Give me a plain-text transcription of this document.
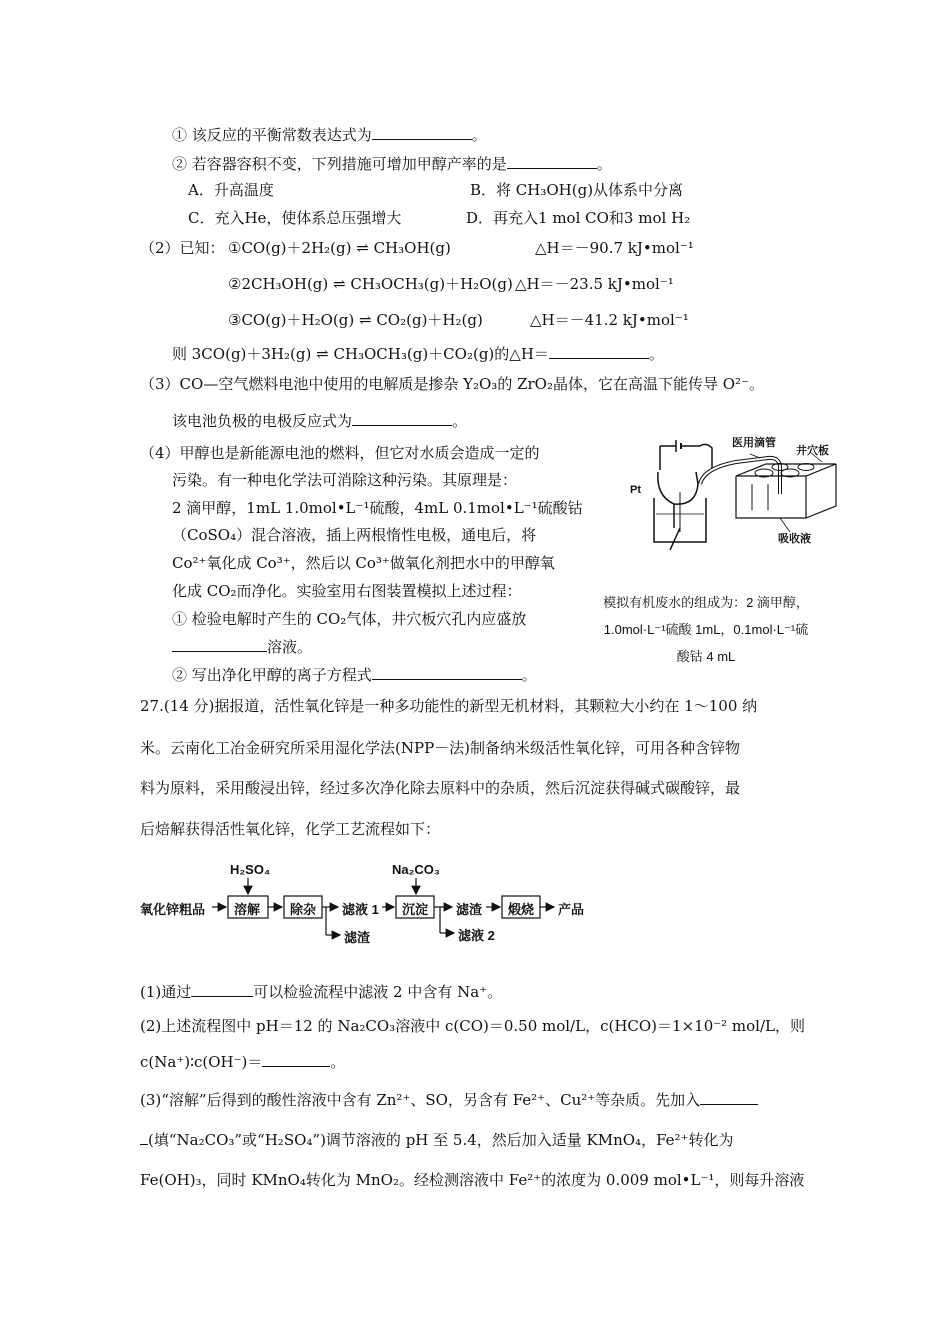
① 该反应的平衡常数表达式为	。
② 若容器容积不变，下列措施可增加甲醇产率的是	。
A．升高温度	B．将 CH₃OH(g)从体系中分离
C．充入He，使体系总压强增大	D．再充入1 mol CO和3 mol H₂
（2）已知： ①CO(g)＋2H₂(g) ⇌ CH₃OH(g)	△H＝－90.7 kJ•mol⁻¹
②2CH₃OH(g) ⇌ CH₃OCH₃(g)＋H₂O(g) △H＝－23.5 kJ•mol⁻¹
③CO(g)＋H₂O(g) ⇌ CO₂(g)＋H₂(g)	△H＝－41.2 kJ•mol⁻¹
则 3CO(g)＋3H₂(g) ⇌ CH₃OCH₃(g)＋CO₂(g)的△H＝	。
（3）CO—空气燃料电池中使用的电解质是掺杂 Y₂O₃的 ZrO₂晶体，它在高温下能传导 O²⁻。
该电池负极的电极反应式为	。
（4）甲醇也是新能源电池的燃料，但它对水质会造成一定的
污染。有一种电化学法可消除这种污染。其原理是：
2 滴甲醇，1mL 1.0mol•L⁻¹硫酸，4mL 0.1mol•L⁻¹硫酸钴
（CoSO₄）混合溶液，插上两根惰性电极，通电后，将
Co²⁺氧化成 Co³⁺，然后以 Co³⁺做氧化剂把水中的甲醇氧
化成 CO₂而净化。实验室用右图装置模拟上述过程：
① 检验电解时产生的 CO₂气体，井穴板穴孔内应盛放
溶液。
② 写出净化甲醇的离子方程式	。
医用滴管
井穴板
Pt
吸收液
模拟有机废水的组成为：2 滴甲醇，
1.0mol·L⁻¹硫酸 1mL，0.1mol·L⁻¹硫
酸钴 4 mL
27.(14 分)据报道，活性氧化锌是一种多功能性的新型无机材料，其颗粒大小约在 1～100 纳
米。云南化工冶金研究所采用湿化学法(NPP－法)制备纳米级活性氧化锌，可用各种含锌物
料为原料，采用酸浸出锌，经过多次净化除去原料中的杂质，然后沉淀获得碱式碳酸锌，最
后焙解获得活性氧化锌，化学工艺流程如下：
H₂SO₄	Na₂CO₃
氧化锌粗品 溶解 除杂 滤液 1 沉淀 滤渣 煅烧 产品
滤渣	滤液 2
(1)通过	可以检验流程中滤液 2 中含有 Na⁺。
(2)上述流程图中 pH＝12 的 Na₂CO₃溶液中 c(CO)＝0.50 mol/L，c(HCO)＝1×10⁻² mol/L，则
c(Na⁺)∶c(OH⁻)＝	。
(3)“溶解”后得到的酸性溶液中含有 Zn²⁺、SO，另含有 Fe²⁺、Cu²⁺等杂质。先加入
(填“Na₂CO₃”或“H₂SO₄”)调节溶液的 pH 至 5.4，然后加入适量 KMnO₄，Fe²⁺转化为
Fe(OH)₃，同时 KMnO₄转化为 MnO₂。经检测溶液中 Fe²⁺的浓度为 0.009 mol•L⁻¹，则每升溶液
